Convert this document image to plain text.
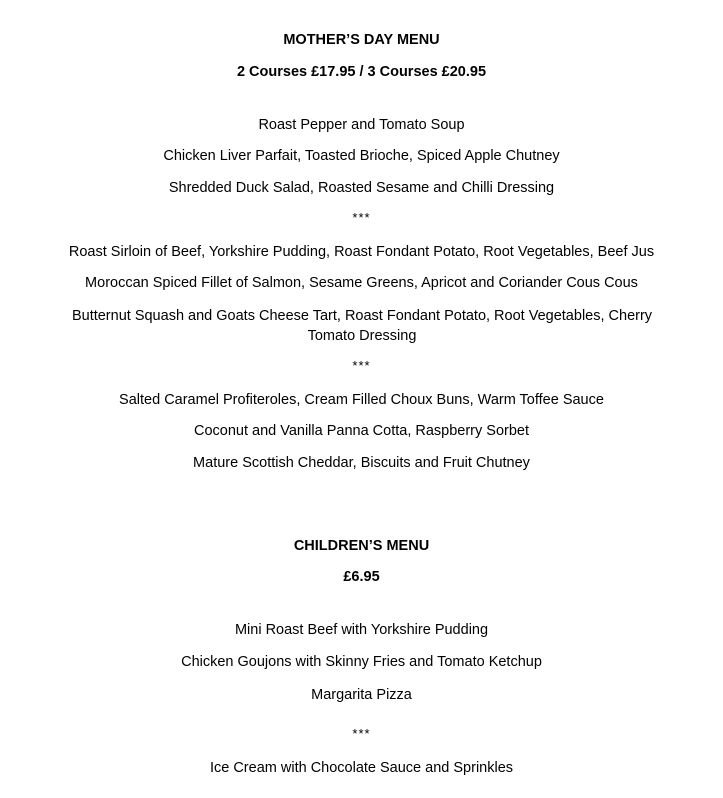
MOTHER’S DAY MENU
2 Courses £17.95 / 3 Courses £20.95
Roast Pepper and Tomato Soup
Chicken Liver Parfait, Toasted Brioche, Spiced Apple Chutney
Shredded Duck Salad, Roasted Sesame and Chilli Dressing
***
Roast Sirloin of Beef, Yorkshire Pudding, Roast Fondant Potato, Root Vegetables, Beef Jus
Moroccan Spiced Fillet of Salmon, Sesame Greens, Apricot and Coriander Cous Cous
Butternut Squash and Goats Cheese Tart, Roast Fondant Potato, Root Vegetables, Cherry Tomato Dressing
***
Salted Caramel Profiteroles, Cream Filled Choux Buns, Warm Toffee Sauce
Coconut and Vanilla Panna Cotta, Raspberry Sorbet
Mature Scottish Cheddar, Biscuits and Fruit Chutney
CHILDREN’S MENU
£6.95
Mini Roast Beef with Yorkshire Pudding
Chicken Goujons with Skinny Fries and Tomato Ketchup
Margarita Pizza
***
Ice Cream with Chocolate Sauce and Sprinkles
